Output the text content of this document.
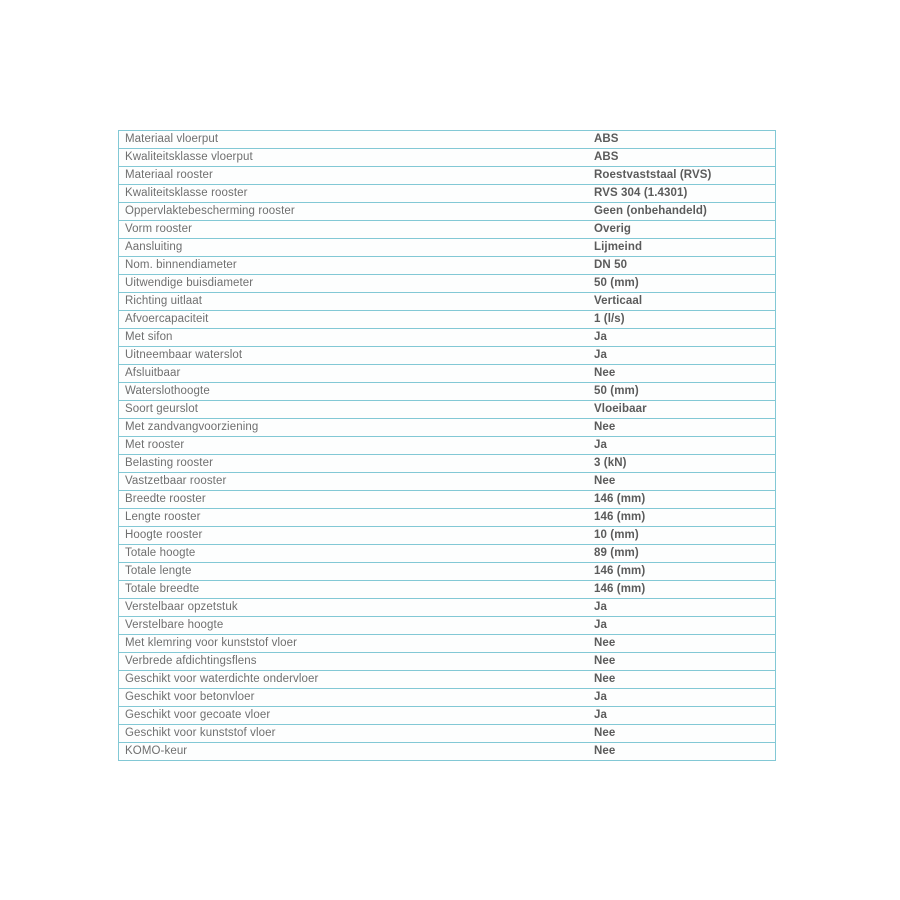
Materiaal vloerput	ABS
Kwaliteitsklasse vloerput	ABS
Materiaal rooster	Roestvaststaal (RVS)
Kwaliteitsklasse rooster	RVS 304 (1.4301)
Oppervlaktebescherming rooster	Geen (onbehandeld)
Vorm rooster	Overig
Aansluiting	Lijmeind
Nom. binnendiameter	DN 50
Uitwendige buisdiameter	50 (mm)
Richting uitlaat	Verticaal
Afvoercapaciteit	1 (l/s)
Met sifon	Ja
Uitneembaar waterslot	Ja
Afsluitbaar	Nee
Waterslothoogte	50 (mm)
Soort geurslot	Vloeibaar
Met zandvangvoorziening	Nee
Met rooster	Ja
Belasting rooster	3 (kN)
Vastzetbaar rooster	Nee
Breedte rooster	146 (mm)
Lengte rooster	146 (mm)
Hoogte rooster	10 (mm)
Totale hoogte	89 (mm)
Totale lengte	146 (mm)
Totale breedte	146 (mm)
Verstelbaar opzetstuk	Ja
Verstelbare hoogte	Ja
Met klemring voor kunststof vloer	Nee
Verbrede afdichtingsflens	Nee
Geschikt voor waterdichte ondervloer	Nee
Geschikt voor betonvloer	Ja
Geschikt voor gecoate vloer	Ja
Geschikt voor kunststof vloer	Nee
KOMO-keur	Nee
